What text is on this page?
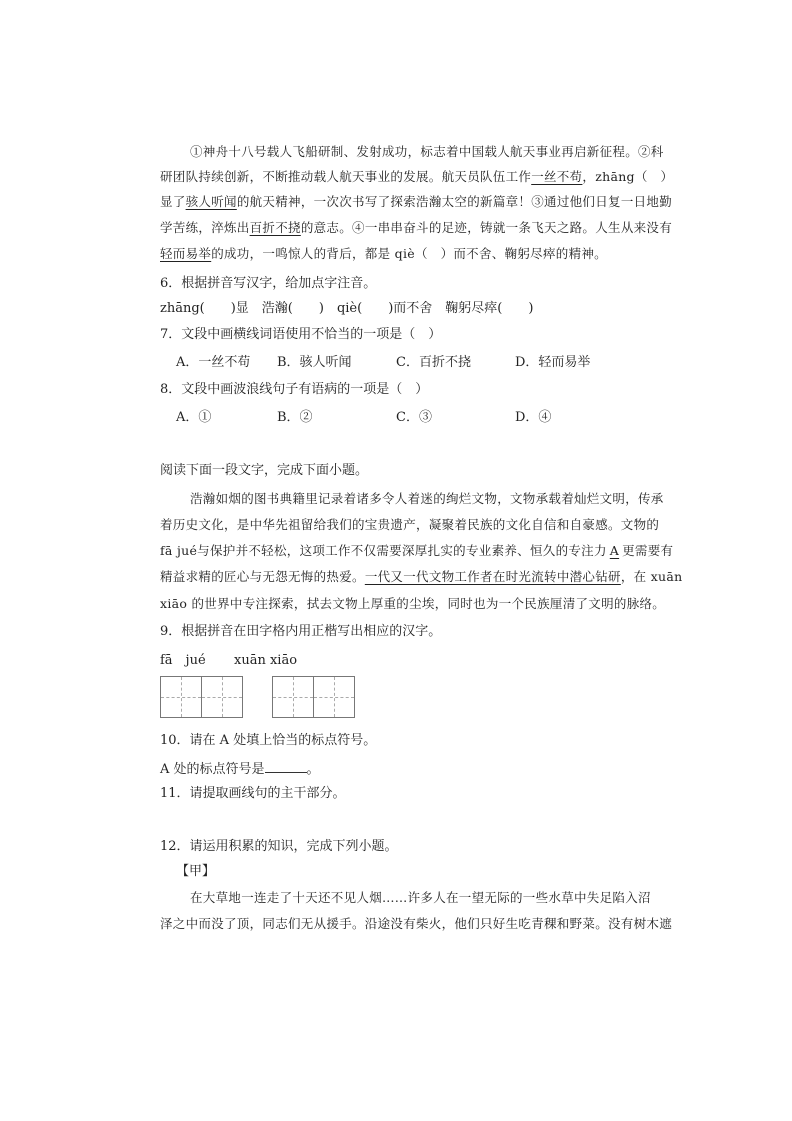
①神舟十八号载人飞船研制、发射成功，标志着中国载人航天事业再启新征程。②科
研团队持续创新，不断推动载人航天事业的发展。航天员队伍工作一丝不苟，zhāng（　）
显了骇人听闻的航天精神，一次次书写了探索浩瀚太空的新篇章！③通过他们日复一日地勤
学苦练，淬炼出百折不挠的意志。④一串串奋斗的足迹，铸就一条飞天之路。人生从来没有
轻而易举的成功，一鸣惊人的背后，都是 qiè（　）而不舍、鞠躬尽瘁的精神。
6．根据拼音写汉字，给加点字注音。
zhāng(　　)显　浩瀚(　　)　qiè(　　)而不舍　鞠躬尽瘁(　　)
7．文段中画横线词语使用不恰当的一项是（　）
A．一丝不苟 B．骇人听闻	C．百折不挠	D．轻而易举
8．文段中画波浪线句子有语病的一项是（　）
A．①	B．②	C．③	D．④
阅读下面一段文字，完成下面小题。
浩瀚如烟的图书典籍里记录着诸多令人着迷的绚烂文物，文物承载着灿烂文明，传承
着历史文化，是中华先祖留给我们的宝贵遗产，凝聚着民族的文化自信和自豪感。文物的
fā jué与保护并不轻松，这项工作不仅需要深厚扎实的专业素养、恒久的专注力 A 更需要有
精益求精的匠心与无怨无悔的热爱。一代又一代文物工作者在时光流转中潜心钻研，在 xuān
xiāo 的世界中专注探索，拭去文物上厚重的尘埃，同时也为一个民族厘清了文明的脉络。
9．根据拼音在田字格内用正楷写出相应的汉字。
fā　jué xuān xiāo
10．请在 A 处填上恰当的标点符号。
A 处的标点符号是	。
11．请提取画线句的主干部分。
12．请运用积累的知识，完成下列小题。
【甲】
在大草地一连走了十天还不见人烟……许多人在一望无际的一些水草中失足陷入沼
泽之中而没了顶，同志们无从援手。沿途没有柴火，他们只好生吃青稞和野菜。没有树木遮
